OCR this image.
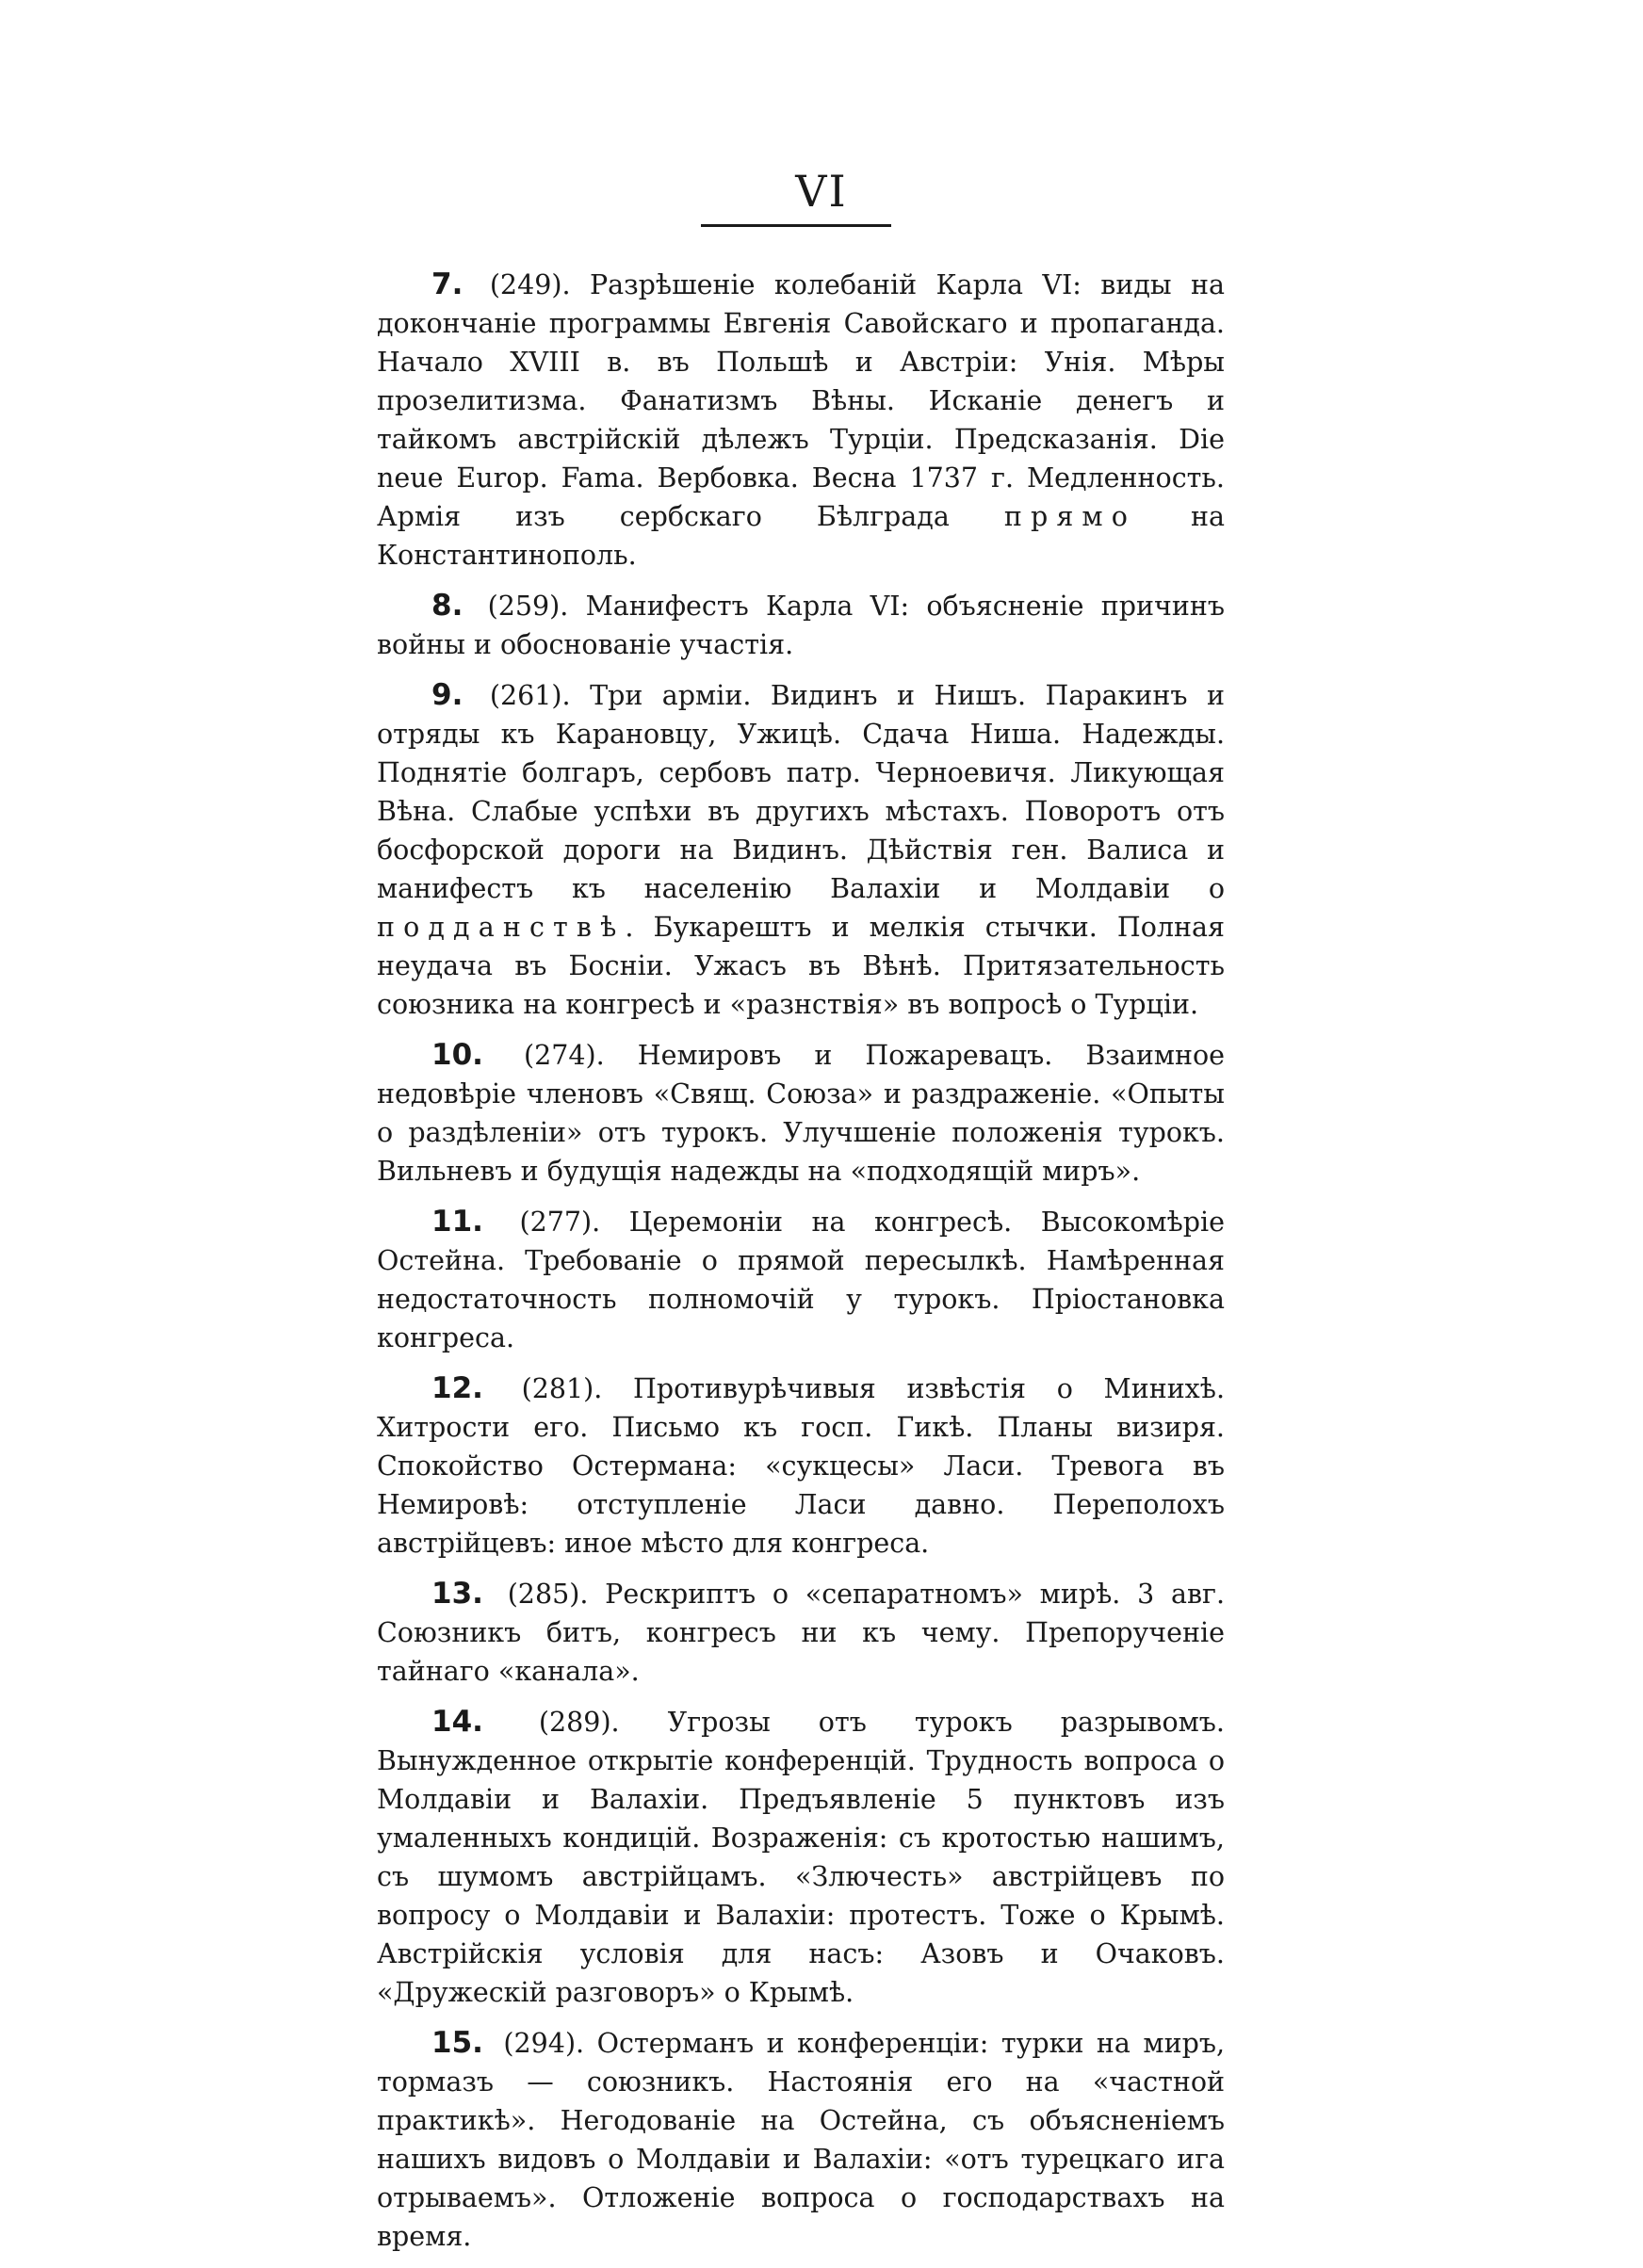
VI

7. (249). Разрѣшеніе колебаній Карла VI: виды на докончаніе программы Евгенія Савойскаго и пропаганда. Начало XVIII в. въ Польшѣ и Австріи: Унія. Мѣры прозелитизма. Фанатизмъ Вѣны. Исканіе денегъ и тайкомъ австрійскій дѣлежъ Турціи. Предсказанія. Die neue Europ. Fama. Вербовка. Весна 1737 г. Медленность. Армія изъ сербскаго Бѣлграда прямо на Константинополь.

8. (259). Манифестъ Карла VI: объясненіе причинъ войны и обоснованіе участія.

9. (261). Три арміи. Видинъ и Нишъ. Паракинъ и отряды къ Карановцу, Ужицѣ. Сдача Ниша. Надежды. Поднятіе болгаръ, сербовъ патр. Черноевичя. Ликующая Вѣна. Слабые успѣхи въ другихъ мѣстахъ. Поворотъ отъ босфорской дороги на Видинъ. Дѣйствія ген. Валиса и манифестъ къ населенію Валахіи и Молдавіи о подданствѣ. Букарештъ и мелкія стычки. Полная неудача въ Босніи. Ужасъ въ Вѣнѣ. Притязательность союзника на конгресѣ и «разнствія» въ вопросѣ о Турціи.

10. (274). Немировъ и Пожаревацъ. Взаимное недовѣріе членовъ «Свящ. Союза» и раздраженіе. «Опыты о раздѣленіи» отъ турокъ. Улучшеніе положенія турокъ. Вильневъ и будущія надежды на «подходящій миръ».

11. (277). Церемоніи на конгресѣ. Высокомѣріе Остейна. Требованіе о прямой пересылкѣ. Намѣренная недостаточность полномочій у турокъ. Пріостановка конгреса.

12. (281). Противурѣчивыя извѣстія о Минихѣ. Хитрости его. Письмо къ госп. Гикѣ. Планы визиря. Спокойство Остермана: «сукцесы» Ласи. Тревога въ Немировѣ: отступленіе Ласи давно. Переполохъ австрійцевъ: иное мѣсто для конгреса.

13. (285). Рескриптъ о «сепаратномъ» мирѣ. 3 авг. Союзникъ битъ, конгресъ ни къ чему. Препорученіе тайнаго «канала».

14. (289). Угрозы отъ турокъ разрывомъ. Вынужденное открытіе конференцій. Трудность вопроса о Молдавіи и Валахіи. Предъявленіе 5 пунктовъ изъ умаленныхъ кондицій. Возраженія: съ кротостью нашимъ, съ шумомъ австрійцамъ. «Злючесть» австрійцевъ по вопросу о Молдавіи и Валахіи: протестъ. Тоже о Крымѣ. Австрійскія условія для насъ: Азовъ и Очаковъ. «Дружескій разговоръ» о Крымѣ.

15. (294). Остерманъ и конференціи: турки на миръ, тормазъ — союзникъ. Настоянія его на «частной практикѣ». Негодованіе на Остейна, съ объясненіемъ нашихъ видовъ о Молдавіи и Валахіи: «отъ турецкаго ига отрываемъ». Отложеніе вопроса о господарствахъ на время.
